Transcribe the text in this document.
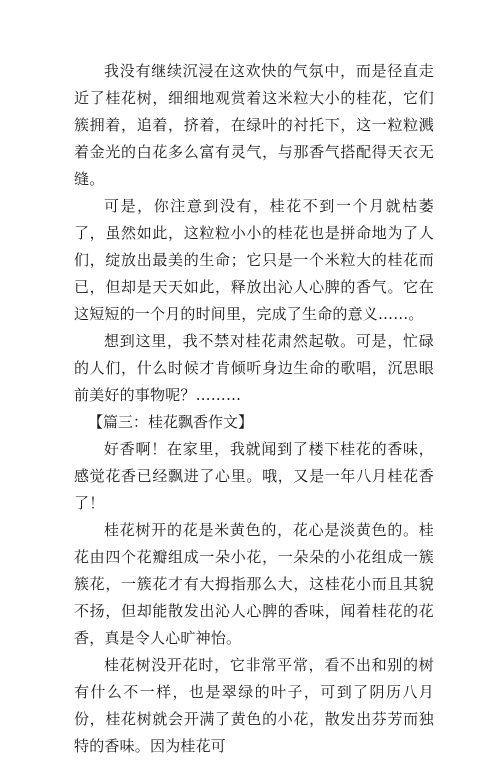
我没有继续沉浸在这欢快的气氛中，而是径直走近了桂花树，细细地观赏着这米粒大小的桂花，它们簇拥着，追着，挤着，在绿叶的衬托下，这一粒粒溅着金光的白花多么富有灵气，与那香气搭配得天衣无缝。

可是，你注意到没有，桂花不到一个月就枯萎了，虽然如此，这粒粒小小的桂花也是拼命地为了人们，绽放出最美的生命；它只是一个米粒大的桂花而已，但却是天天如此，释放出沁人心脾的香气。它在这短短的一个月的时间里，完成了生命的意义……。

想到这里，我不禁对桂花肃然起敬。可是，忙碌的人们，什么时候才肯倾听身边生命的歌唱，沉思眼前美好的事物呢？………

【篇三：桂花飘香作文】

好香啊！在家里，我就闻到了楼下桂花的香味，感觉花香已经飘进了心里。哦，又是一年八月桂花香了！

桂花树开的花是米黄色的，花心是淡黄色的。桂花由四个花瓣组成一朵小花，一朵朵的小花组成一簇簇花，一簇花才有大拇指那么大，这桂花小而且其貌不扬，但却能散发出沁人心脾的香味，闻着桂花的花香，真是令人心旷神怡。

桂花树没开花时，它非常平常，看不出和别的树有什么不一样，也是翠绿的叶子，可到了阴历八月份，桂花树就会开满了黄色的小花，散发出芬芳而独特的香味。因为桂花可
